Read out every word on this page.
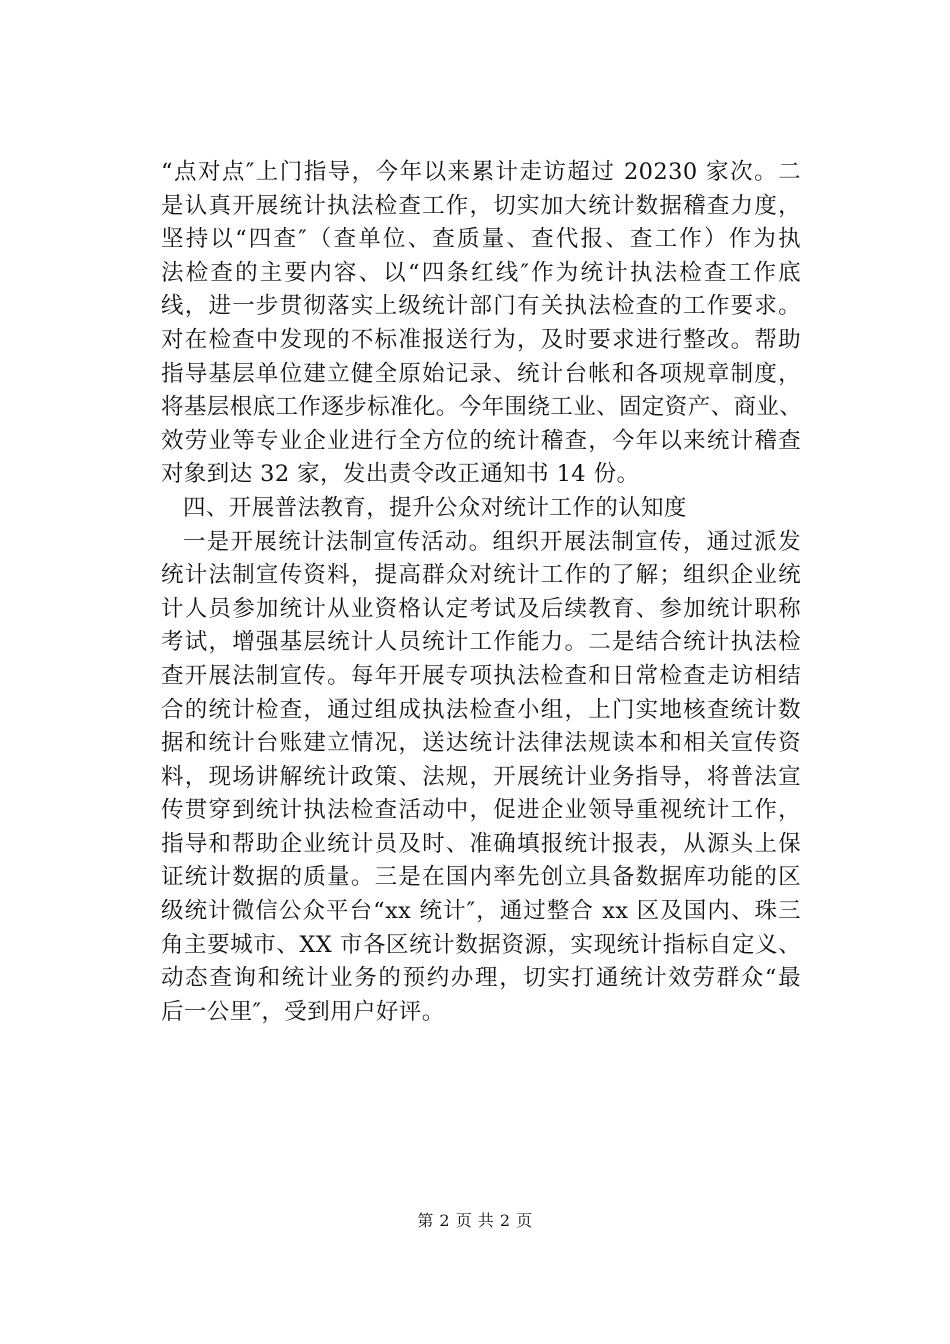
“点对点″上门指导，今年以来累计走访超过 20230 家次。二
是认真开展统计执法检查工作，切实加大统计数据稽查力度，
坚持以“四查″（查单位、查质量、查代报、查工作）作为执
法检查的主要内容、以“四条红线″作为统计执法检查工作底
线，进一步贯彻落实上级统计部门有关执法检查的工作要求。
对在检查中发现的不标准报送行为，及时要求进行整改。帮助
指导基层单位建立健全原始记录、统计台帐和各项规章制度，
将基层根底工作逐步标准化。今年围绕工业、固定资产、商业、
效劳业等专业企业进行全方位的统计稽查，今年以来统计稽查
对象到达 32 家，发出责令改正通知书 14 份。
四、开展普法教育，提升公众对统计工作的认知度
一是开展统计法制宣传活动。组织开展法制宣传，通过派发
统计法制宣传资料，提高群众对统计工作的了解；组织企业统
计人员参加统计从业资格认定考试及后续教育、参加统计职称
考试，增强基层统计人员统计工作能力。二是结合统计执法检
查开展法制宣传。每年开展专项执法检查和日常检查走访相结
合的统计检查，通过组成执法检查小组，上门实地核查统计数
据和统计台账建立情况，送达统计法律法规读本和相关宣传资
料，现场讲解统计政策、法规，开展统计业务指导，将普法宣
传贯穿到统计执法检查活动中，促进企业领导重视统计工作，
指导和帮助企业统计员及时、准确填报统计报表，从源头上保
证统计数据的质量。三是在国内率先创立具备数据库功能的区
级统计微信公众平台“xx 统计″，通过整合 xx 区及国内、珠三
角主要城市、XX 市各区统计数据资源，实现统计指标自定义、
动态查询和统计业务的预约办理，切实打通统计效劳群众“最
后一公里″，受到用户好评。
第 2 页 共 2 页
